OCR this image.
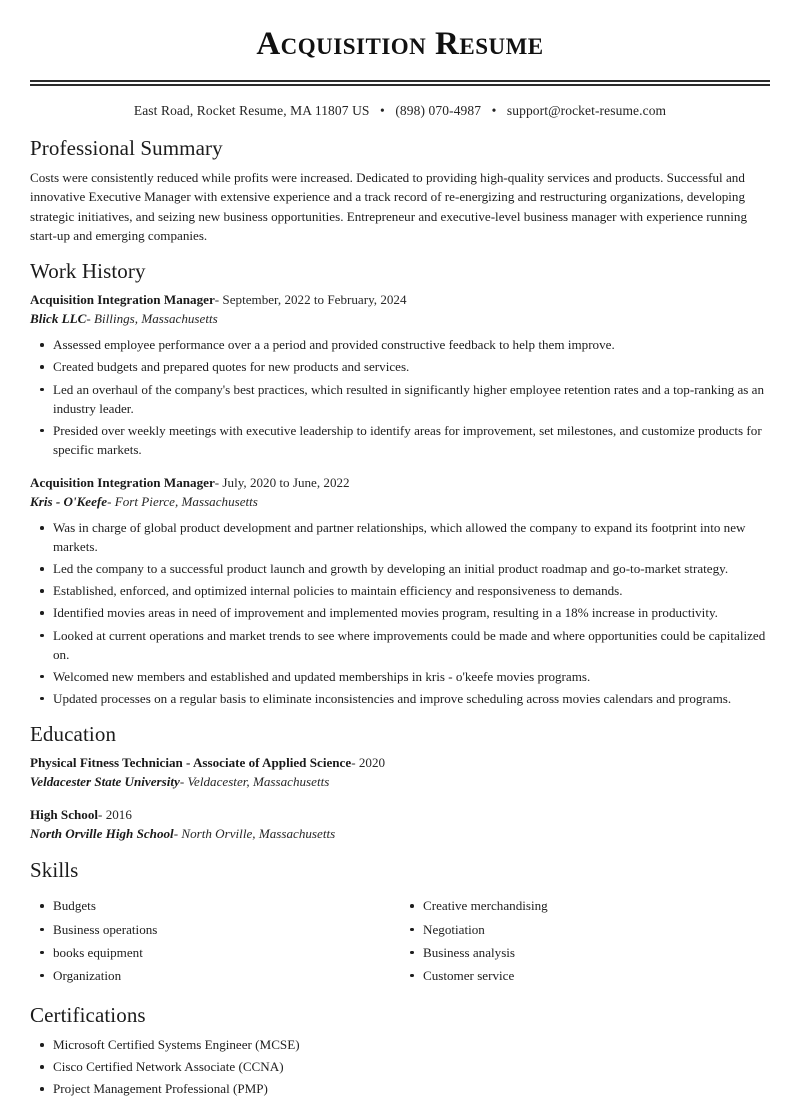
Acquisition Resume
East Road, Rocket Resume, MA 11807 US • (898) 070-4987 • support@rocket-resume.com
Professional Summary

Costs were consistently reduced while profits were increased. Dedicated to providing high-quality services and products. Successful and innovative Executive Manager with extensive experience and a track record of re-energizing and restructuring organizations, developing strategic initiatives, and seizing new business opportunities. Entrepreneur and executive-level business manager with experience running start-up and emerging companies.

Work History
Acquisition Integration Manager- September, 2022 to February, 2024
Blick LLC- Billings, Massachusetts
Assessed employee performance over a a period and provided constructive feedback to help them improve.
Created budgets and prepared quotes for new products and services.
Led an overhaul of the company's best practices, which resulted in significantly higher employee retention rates and a top-ranking as an industry leader.
Presided over weekly meetings with executive leadership to identify areas for improvement, set milestones, and customize products for specific markets.
Acquisition Integration Manager- July, 2020 to June, 2022
Kris - O'Keefe- Fort Pierce, Massachusetts
Was in charge of global product development and partner relationships, which allowed the company to expand its footprint into new markets.
Led the company to a successful product launch and growth by developing an initial product roadmap and go-to-market strategy.
Established, enforced, and optimized internal policies to maintain efficiency and responsiveness to demands.
Identified movies areas in need of improvement and implemented movies program, resulting in a 18% increase in productivity.
Looked at current operations and market trends to see where improvements could be made and where opportunities could be capitalized on.
Welcomed new members and established and updated memberships in kris - o'keefe movies programs.
Updated processes on a regular basis to eliminate inconsistencies and improve scheduling across movies calendars and programs.
Education
Physical Fitness Technician - Associate of Applied Science- 2020
Veldacester State University- Veldacester, Massachusetts
High School- 2016
North Orville High School- North Orville, Massachusetts
Skills
Budgets
Business operations
books equipment
Organization
Creative merchandising
Negotiation
Business analysis
Customer service
Certifications
Microsoft Certified Systems Engineer (MCSE)
Cisco Certified Network Associate (CCNA)
Project Management Professional (PMP)
